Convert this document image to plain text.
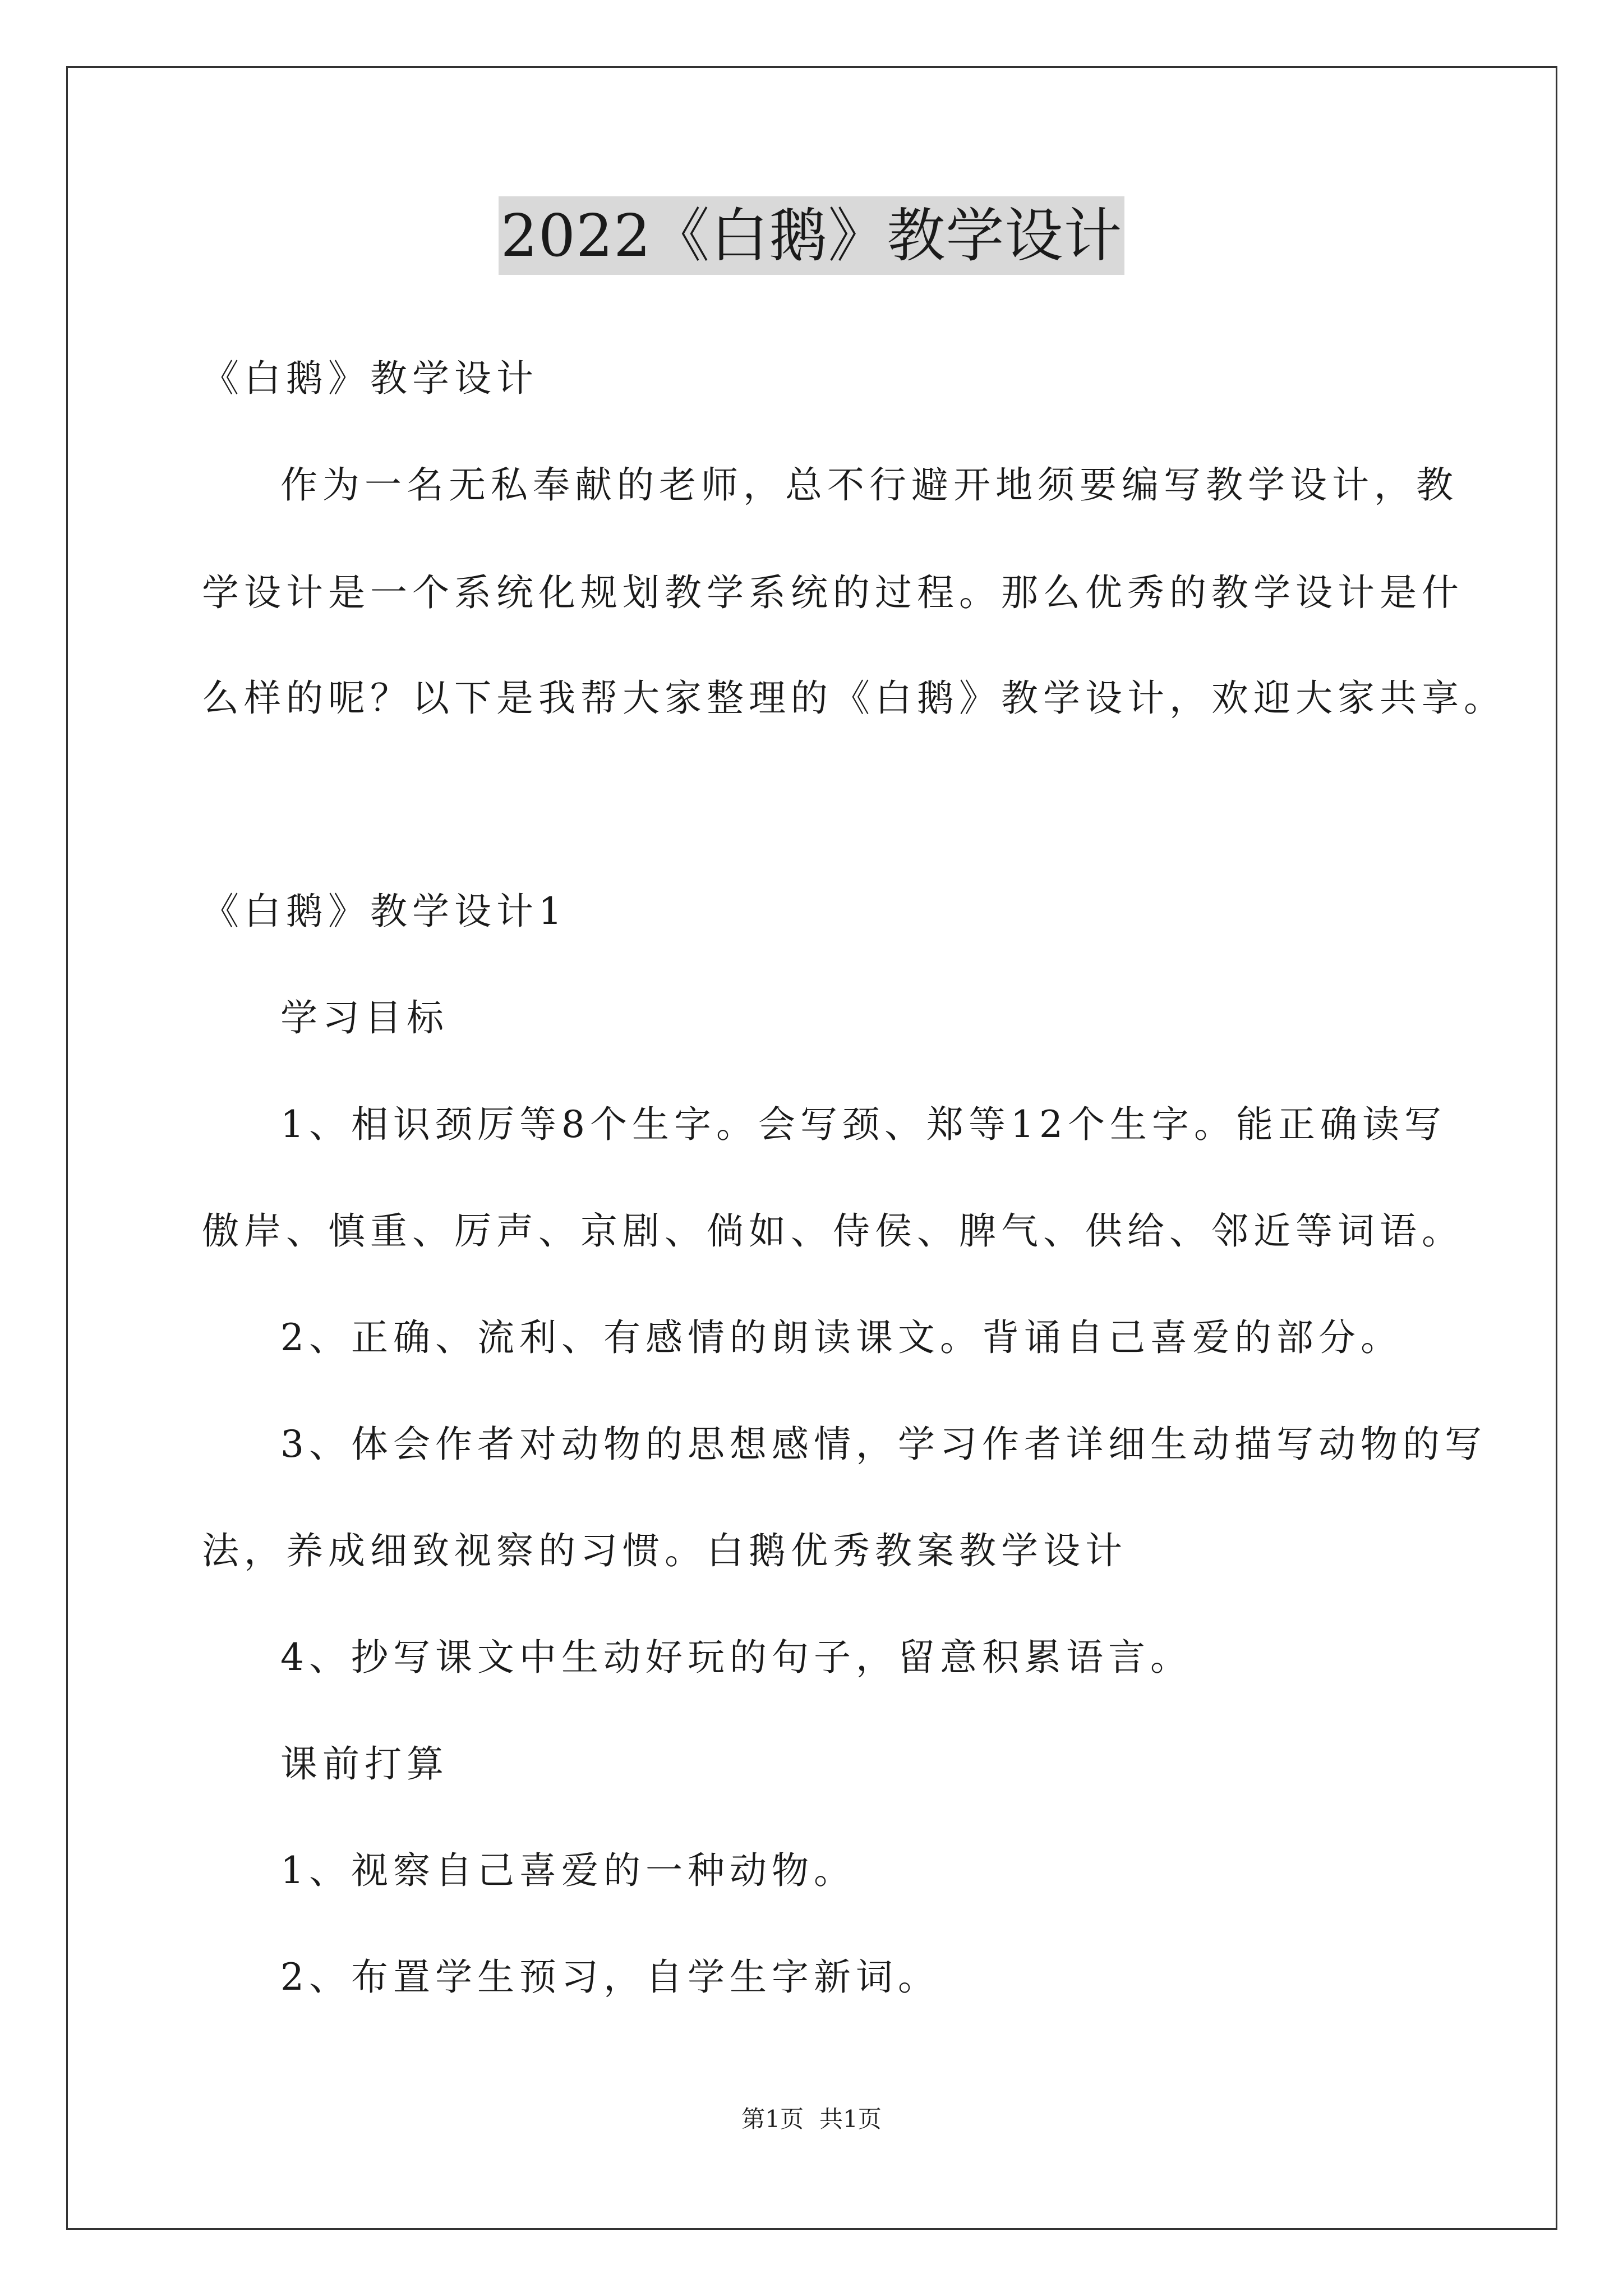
2022《白鹅》教学设计
《白鹅》教学设计
作为一名无私奉献的老师，总不行避开地须要编写教学设计，教
学设计是一个系统化规划教学系统的过程。那么优秀的教学设计是什
么样的呢？以下是我帮大家整理的《白鹅》教学设计，欢迎大家共享。
《白鹅》教学设计1
学习目标
1、相识颈厉等8个生字。会写颈、郑等12个生字。能正确读写
傲岸、慎重、厉声、京剧、倘如、侍侯、脾气、供给、邻近等词语。
2、正确、流利、有感情的朗读课文。背诵自己喜爱的部分。
3、体会作者对动物的思想感情，学习作者详细生动描写动物的写
法，养成细致视察的习惯。白鹅优秀教案教学设计
4、抄写课文中生动好玩的句子，留意积累语言。
课前打算
1、视察自己喜爱的一种动物。
2、布置学生预习，自学生字新词。
第1页 共1页
